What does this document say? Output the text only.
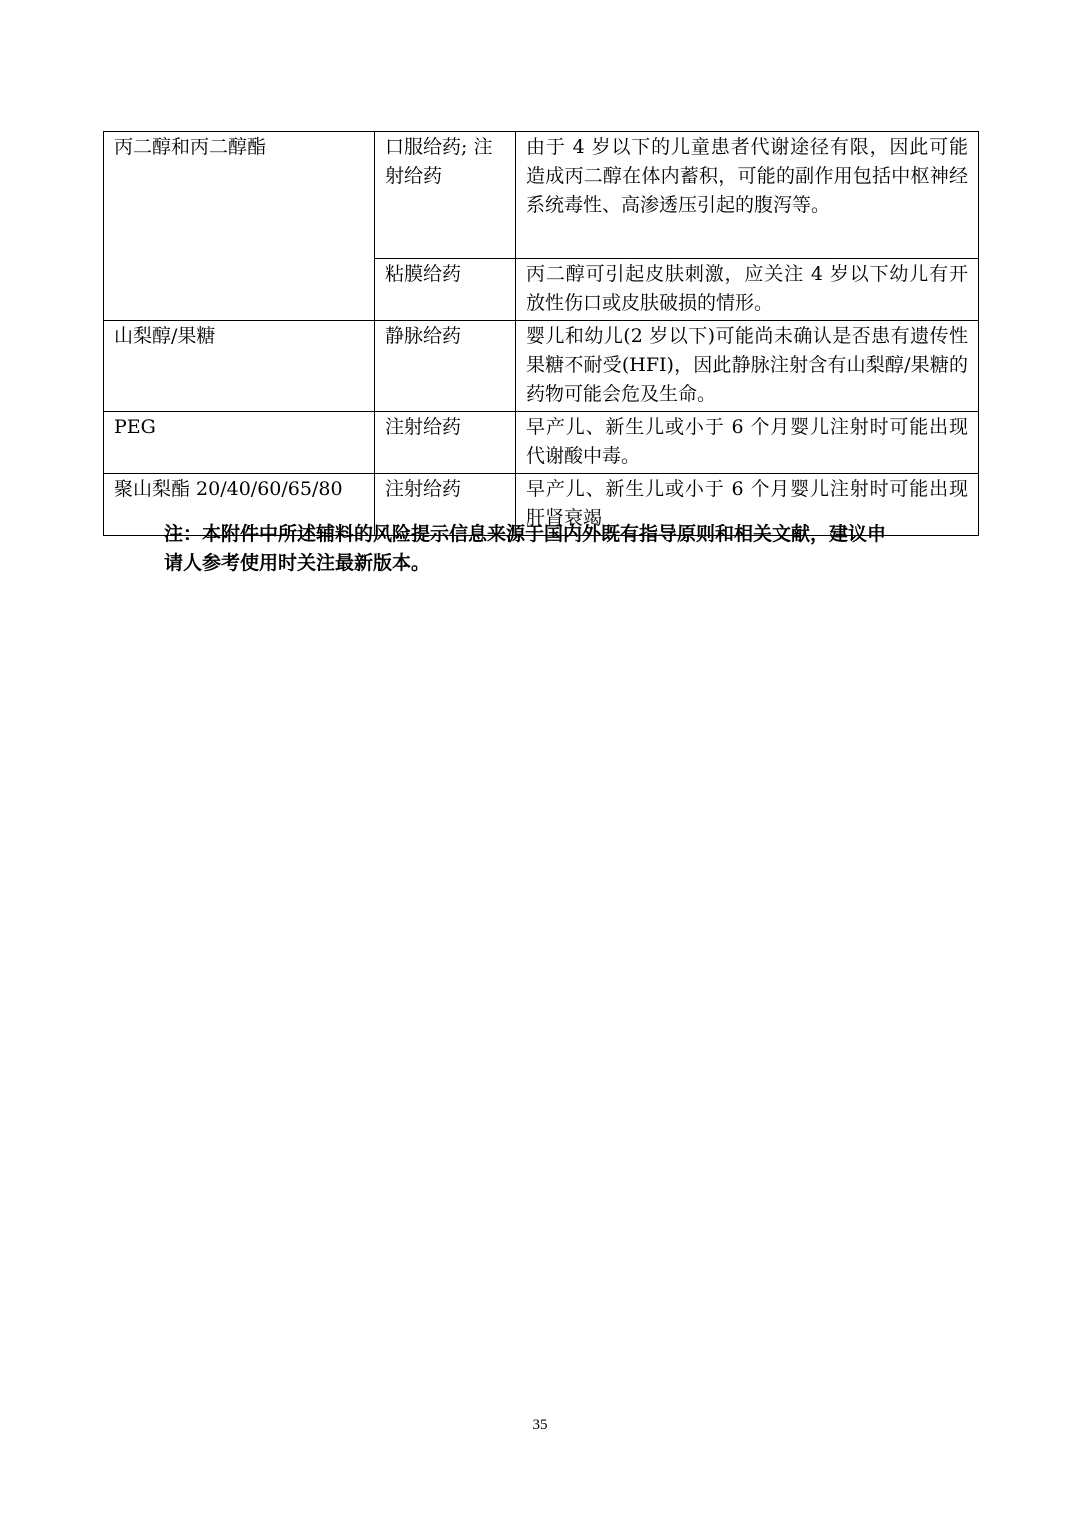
丙二醇和丙二醇酯	口服给药; 注射给药	由于 4 岁以下的儿童患者代谢途径有限，因此可能造成丙二醇在体内蓄积，可能的副作用包括中枢神经系统毒性、高渗透压引起的腹泻等。
	粘膜给药	丙二醇可引起皮肤刺激，应关注 4 岁以下幼儿有开放性伤口或皮肤破损的情形。
山梨醇/果糖	静脉给药	婴儿和幼儿(2 岁以下)可能尚未确认是否患有遗传性果糖不耐受(HFI)，因此静脉注射含有山梨醇/果糖的药物可能会危及生命。
PEG	注射给药	早产儿、新生儿或小于 6 个月婴儿注射时可能出现代谢酸中毒。
聚山梨酯 20/40/60/65/80	注射给药	早产儿、新生儿或小于 6 个月婴儿注射时可能出现肝肾衰竭
注：本附件中所述辅料的风险提示信息来源于国内外既有指导原则和相关文献，建议申请人参考使用时关注最新版本。
35
